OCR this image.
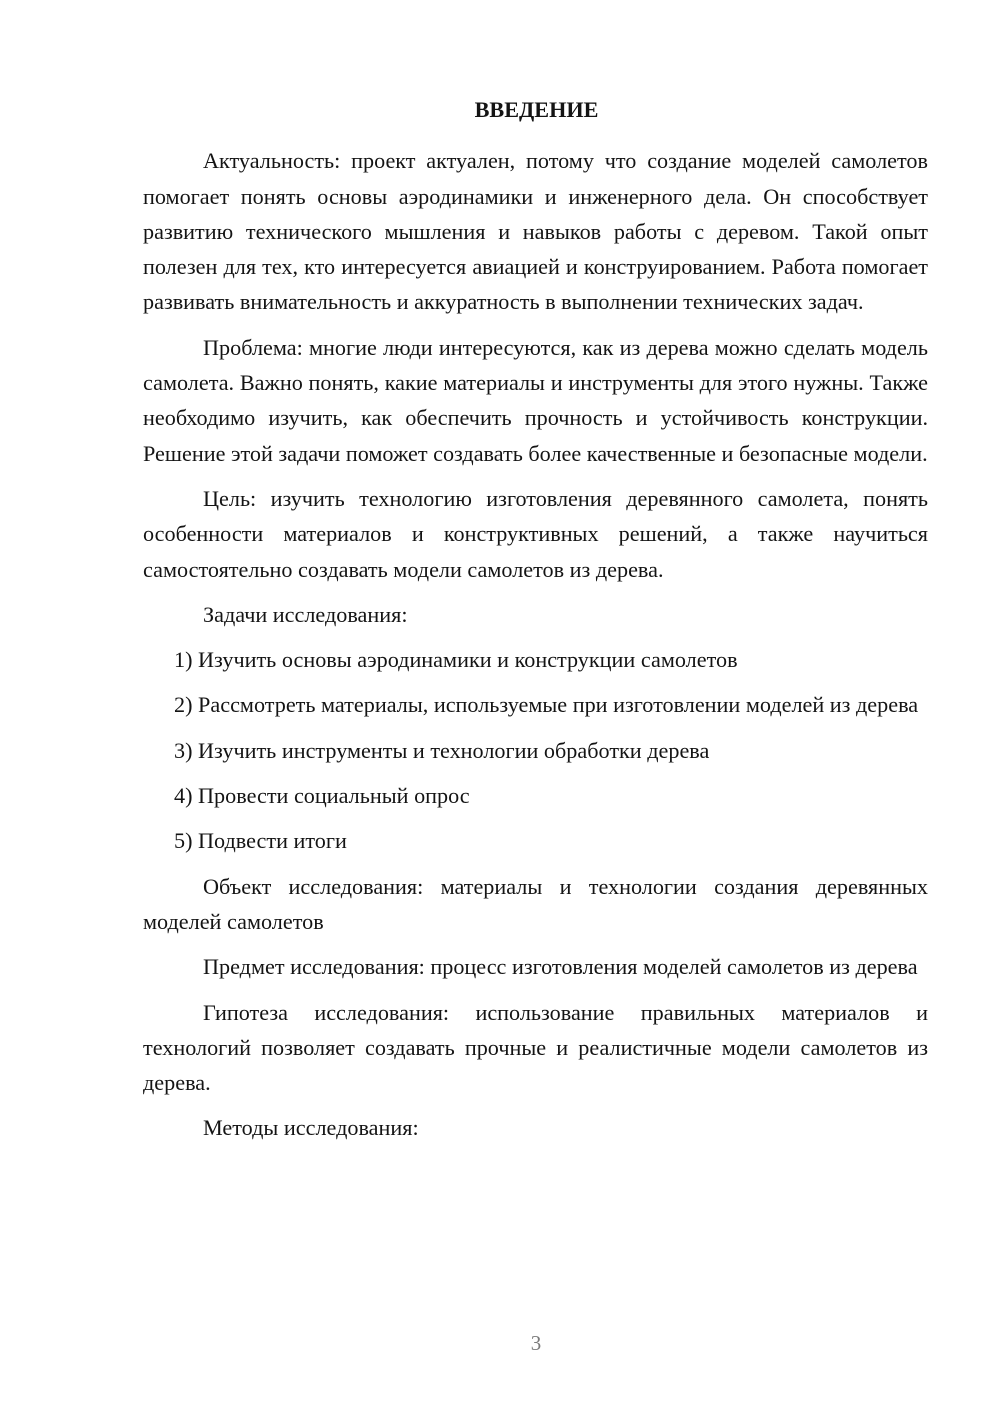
ВВЕДЕНИЕ

Актуальность: проект актуален, потому что создание моделей самолетов помогает понять основы аэродинамики и инженерного дела. Он способствует развитию технического мышления и навыков работы с деревом. Такой опыт полезен для тех, кто интересуется авиацией и конструированием. Работа помогает развивать внимательность и аккуратность в выполнении технических задач.

Проблема: многие люди интересуются, как из дерева можно сделать модель самолета. Важно понять, какие материалы и инструменты для этого нужны. Также необходимо изучить, как обеспечить прочность и устойчивость конструкции. Решение этой задачи поможет создавать более качественные и безопасные модели.

Цель: изучить технологию изготовления деревянного самолета, понять особенности материалов и конструктивных решений, а также научиться самостоятельно создавать модели самолетов из дерева.

Задачи исследования:

1) Изучить основы аэродинамики и конструкции самолетов

2) Рассмотреть материалы, используемые при изготовлении моделей из дерева

3) Изучить инструменты и технологии обработки дерева

4) Провести социальный опрос

5) Подвести итоги

Объект исследования: материалы и технологии создания деревянных моделей самолетов

Предмет исследования: процесс изготовления моделей самолетов из дерева

Гипотеза исследования: использование правильных материалов и технологий позволяет создавать прочные и реалистичные модели самолетов из дерева.

Методы исследования:

3
